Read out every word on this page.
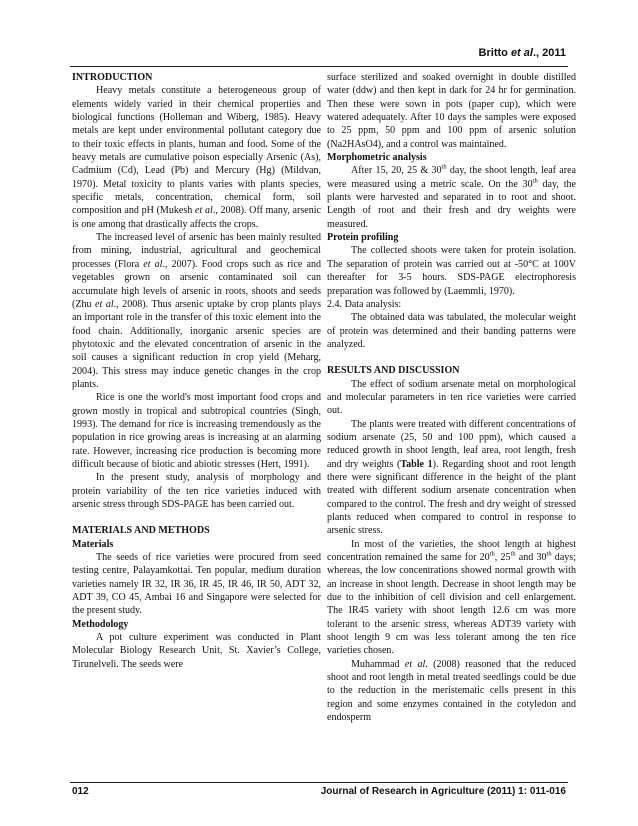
Britto et al., 2011

INTRODUCTION

Heavy metals constitute a heterogeneous group of elements widely varied in their chemical properties and biological functions (Holleman and Wiberg, 1985). Heavy metals are kept under environmental pollutant category due to their toxic effects in plants, human and food. Some of the heavy metals are cumulative poison especially Arsenic (As), Cadmium (Cd), Lead (Pb) and Mercury (Hg) (Mildvan, 1970). Metal toxicity to plants varies with plants species, specific metals, concentration, chemical form, soil composition and pH (Mukesh et al., 2008). Off many, arsenic is one among that drastically affects the crops.

The increased level of arsenic has been mainly resulted from mining, industrial, agricultural and geochemical processes (Flora et al., 2007). Food crops such as rice and vegetables grown on arsenic contaminated soil can accumulate high levels of arsenic in roots, shoots and seeds (Zhu et al., 2008). Thus arsenic uptake by crop plants plays an important role in the transfer of this toxic element into the food chain. Additionally, inorganic arsenic species are phytotoxic and the elevated concentration of arsenic in the soil causes a significant reduction in crop yield (Meharg, 2004). This stress may induce genetic changes in the crop plants.

Rice is one the world's most important food crops and grown mostly in tropical and subtropical countries (Singh, 1993). The demand for rice is increasing tremendously as the population in rice growing areas is increasing at an alarming rate. However, increasing rice production is becoming more difficult because of biotic and abiotic stresses (Hert, 1991).

In the present study, analysis of morphology and protein variability of the ten rice varieties induced with arsenic stress through SDS-PAGE has been carried out.

MATERIALS AND METHODS

Materials

The seeds of rice varieties were procured from seed testing centre, Palayamkottai. Ten popular, medium duration varieties namely IR 32, IR 36, IR 45, IR 46, IR 50, ADT 32, ADT 39, CO 45, Ambai 16 and Singapore were selected for the present study.

Methodology

A pot culture experiment was conducted in Plant Molecular Biology Research Unit, St. Xavier’s College, Tirunelveli. The seeds were

surface sterilized and soaked overnight in double distilled water (ddw) and then kept in dark for 24 hr for germination. Then these were sown in pots (paper cup), which were watered adequately. After 10 days the samples were exposed to 25 ppm, 50 ppm and 100 ppm of arsenic solution (Na2HAsO4), and a control was maintained.

Morphometric analysis

After 15, 20, 25 & 30th day, the shoot length, leaf area were measured using a metric scale. On the 30th day, the plants were harvested and separated in to root and shoot. Length of root and their fresh and dry weights were measured.

Protein profiling

The collected shoots were taken for protein isolation. The separation of protein was carried out at -50°C at 100V thereafter for 3-5 hours. SDS-PAGE electrophoresis preparation was followed by (Laemmli, 1970).

2.4. Data analysis:

The obtained data was tabulated, the molecular weight of protein was determined and their banding patterns were analyzed.

RESULTS AND DISCUSSION

The effect of sodium arsenate metal on morphological and molecular parameters in ten rice varieties were carried out.

The plants were treated with different concentrations of sodium arsenate (25, 50 and 100 ppm), which caused a reduced growth in shoot length, leaf area, root length, fresh and dry weights (Table 1). Regarding shoot and root length there were significant difference in the height of the plant treated with different sodium arsenate concentration when compared to the control. The fresh and dry weight of stressed plants reduced when compared to control in response to arsenic stress.

In most of the varieties, the shoot length at highest concentration remained the same for 20th, 25th and 30th days; whereas, the low concentrations showed normal growth with an increase in shoot length. Decrease in shoot length may be due to the inhibition of cell division and cell enlargement. The IR45 variety with shoot length 12.6 cm was more tolerant to the arsenic stress, whereas ADT39 variety with shoot length 9 cm was less tolerant among the ten rice varieties chosen.

Muhammad et al. (2008) reasoned that the reduced shoot and root length in metal treated seedlings could be due to the reduction in the meristematic cells present in this region and some enzymes contained in the cotyledon and endosperm

012	Journal of Research in Agriculture (2011) 1: 011-016
